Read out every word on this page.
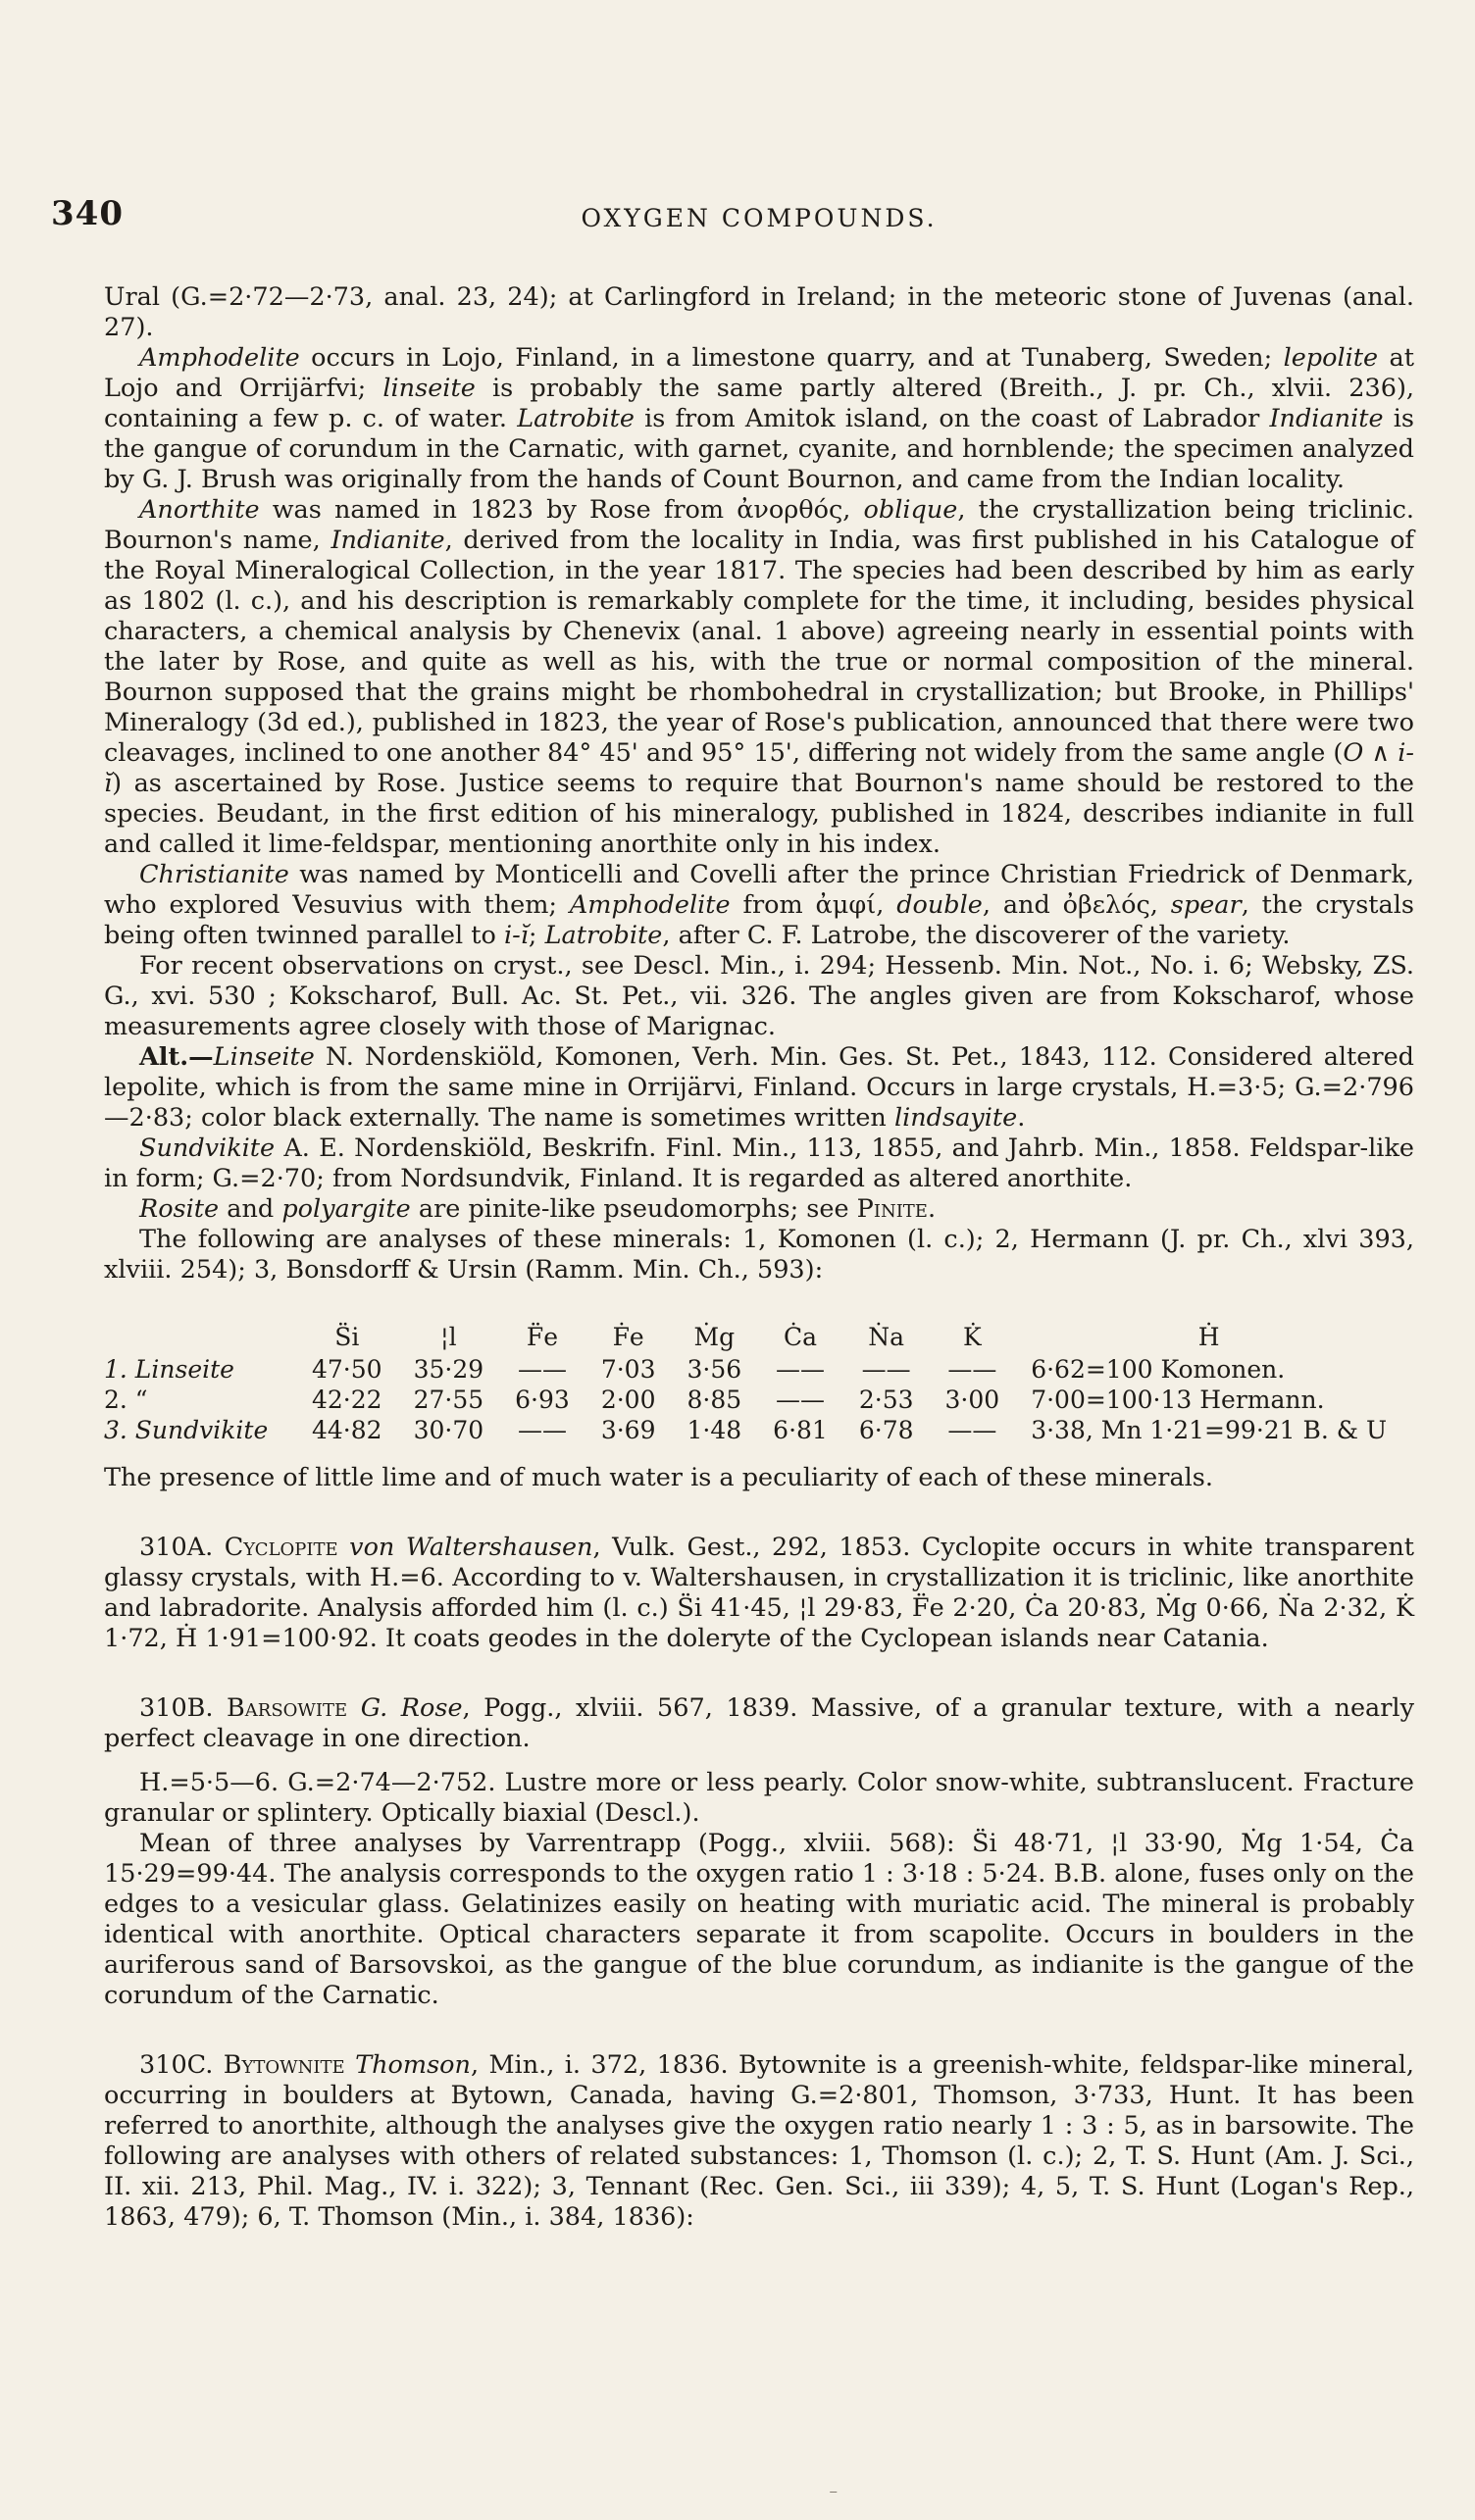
340	OXYGEN COMPOUNDS.

Ural (G.=2·72—2·73, anal. 23, 24); at Carlingford in Ireland; in the meteoric stone of Juvenas (anal. 27).

Amphodelite occurs in Lojo, Finland, in a limestone quarry, and at Tunaberg, Sweden; lepolite at Lojo and Orrijärfvi; linseite is probably the same partly altered (Breith., J. pr. Ch., xlvii. 236), containing a few p. c. of water. Latrobite is from Amitok island, on the coast of Labrador Indianite is the gangue of corundum in the Carnatic, with garnet, cyanite, and hornblende; the specimen analyzed by G. J. Brush was originally from the hands of Count Bournon, and came from the Indian locality.

Anorthite was named in 1823 by Rose from ἀνορθός, oblique, the crystallization being triclinic. Bournon's name, Indianite, derived from the locality in India, was first published in his Catalogue of the Royal Mineralogical Collection, in the year 1817. The species had been described by him as early as 1802 (l. c.), and his description is remarkably complete for the time, it including, besides physical characters, a chemical analysis by Chenevix (anal. 1 above) agreeing nearly in essential points with the later by Rose, and quite as well as his, with the true or normal composition of the mineral. Bournon supposed that the grains might be rhombohedral in crystallization; but Brooke, in Phillips' Mineralogy (3d ed.), published in 1823, the year of Rose's publication, announced that there were two cleavages, inclined to one another 84° 45' and 95° 15', differing not widely from the same angle (O ∧ i-ĭ) as ascertained by Rose. Justice seems to require that Bournon's name should be restored to the species. Beudant, in the first edition of his mineralogy, published in 1824, describes indianite in full and called it lime-feldspar, mentioning anorthite only in his index.

Christianite was named by Monticelli and Covelli after the prince Christian Friedrick of Denmark, who explored Vesuvius with them; Amphodelite from ἀμφί, double, and ὀβελός, spear, the crystals being often twinned parallel to i-ĭ; Latrobite, after C. F. Latrobe, the discoverer of the variety.

For recent observations on cryst., see Descl. Min., i. 294; Hessenb. Min. Not., No. i. 6; Websky, ZS. G., xvi. 530 ; Kokscharof, Bull. Ac. St. Pet., vii. 326. The angles given are from Kokscharof, whose measurements agree closely with those of Marignac.

Alt.—Linseite N. Nordenskiöld, Komonen, Verh. Min. Ges. St. Pet., 1843, 112. Considered altered lepolite, which is from the same mine in Orrijärvi, Finland. Occurs in large crystals, H.=3·5; G.=2·796 —2·83; color black externally. The name is sometimes written lindsayite.

Sundvikite A. E. Nordenskiöld, Beskrifn. Finl. Min., 113, 1855, and Jahrb. Min., 1858. Feldspar-like in form; G.=2·70; from Nordsundvik, Finland. It is regarded as altered anorthite.

Rosite and polyargite are pinite-like pseudomorphs; see Pinite.

The following are analyses of these minerals: 1, Komonen (l. c.); 2, Hermann (J. pr. Ch., xlvi 393, xlviii. 254); 3, Bonsdorff & Ursin (Ramm. Min. Ch., 593):

	S̈i	¦l	F̈e	Ḟe	Ṁg	Ċa	Ṅa	K̇	Ḣ	
1. Linseite	47·50	35·29	——	7·03	3·56	——	——	——	6·62=100 Komonen.	
2. “	42·22	27·55	6·93	2·00	8·85	——	2·53	3·00	7·00=100·13 Hermann.	
3. Sundvikite	44·82	30·70	——	3·69	1·48	6·81	6·78	——	3·38, Mn 1·21=99·21 B. & U	

The presence of little lime and of much water is a peculiarity of each of these minerals.

310A. Cyclopite von Waltershausen, Vulk. Gest., 292, 1853. Cyclopite occurs in white transparent glassy crystals, with H.=6. According to v. Waltershausen, in crystallization it is triclinic, like anorthite and labradorite. Analysis afforded him (l. c.) S̈i 41·45, ¦l 29·83, F̈e 2·20, Ċa 20·83, Ṁg 0·66, Ṅa 2·32, K̇ 1·72, Ḣ 1·91=100·92. It coats geodes in the doleryte of the Cyclopean islands near Catania.

310B. Barsowite G. Rose, Pogg., xlviii. 567, 1839. Massive, of a granular texture, with a nearly perfect cleavage in one direction.

H.=5·5—6. G.=2·74—2·752. Lustre more or less pearly. Color snow-white, subtranslucent. Fracture granular or splintery. Optically biaxial (Descl.).

Mean of three analyses by Varrentrapp (Pogg., xlviii. 568): S̈i 48·71, ¦l 33·90, Ṁg 1·54, Ċa 15·29=99·44. The analysis corresponds to the oxygen ratio 1 : 3·18 : 5·24. B.B. alone, fuses only on the edges to a vesicular glass. Gelatinizes easily on heating with muriatic acid. The mineral is probably identical with anorthite. Optical characters separate it from scapolite. Occurs in boulders in the auriferous sand of Barsovskoi, as the gangue of the blue corundum, as indianite is the gangue of the corundum of the Carnatic.

310C. Bytownite Thomson, Min., i. 372, 1836. Bytownite is a greenish-white, feldspar-like mineral, occurring in boulders at Bytown, Canada, having G.=2·801, Thomson, 3·733, Hunt. It has been referred to anorthite, although the analyses give the oxygen ratio nearly 1 : 3 : 5, as in barsowite. The following are analyses with others of related substances: 1, Thomson (l. c.); 2, T. S. Hunt (Am. J. Sci., II. xii. 213, Phil. Mag., IV. i. 322); 3, Tennant (Rec. Gen. Sci., iii 339); 4, 5, T. S. Hunt (Logan's Rep., 1863, 479); 6, T. Thomson (Min., i. 384, 1836):

⁻
